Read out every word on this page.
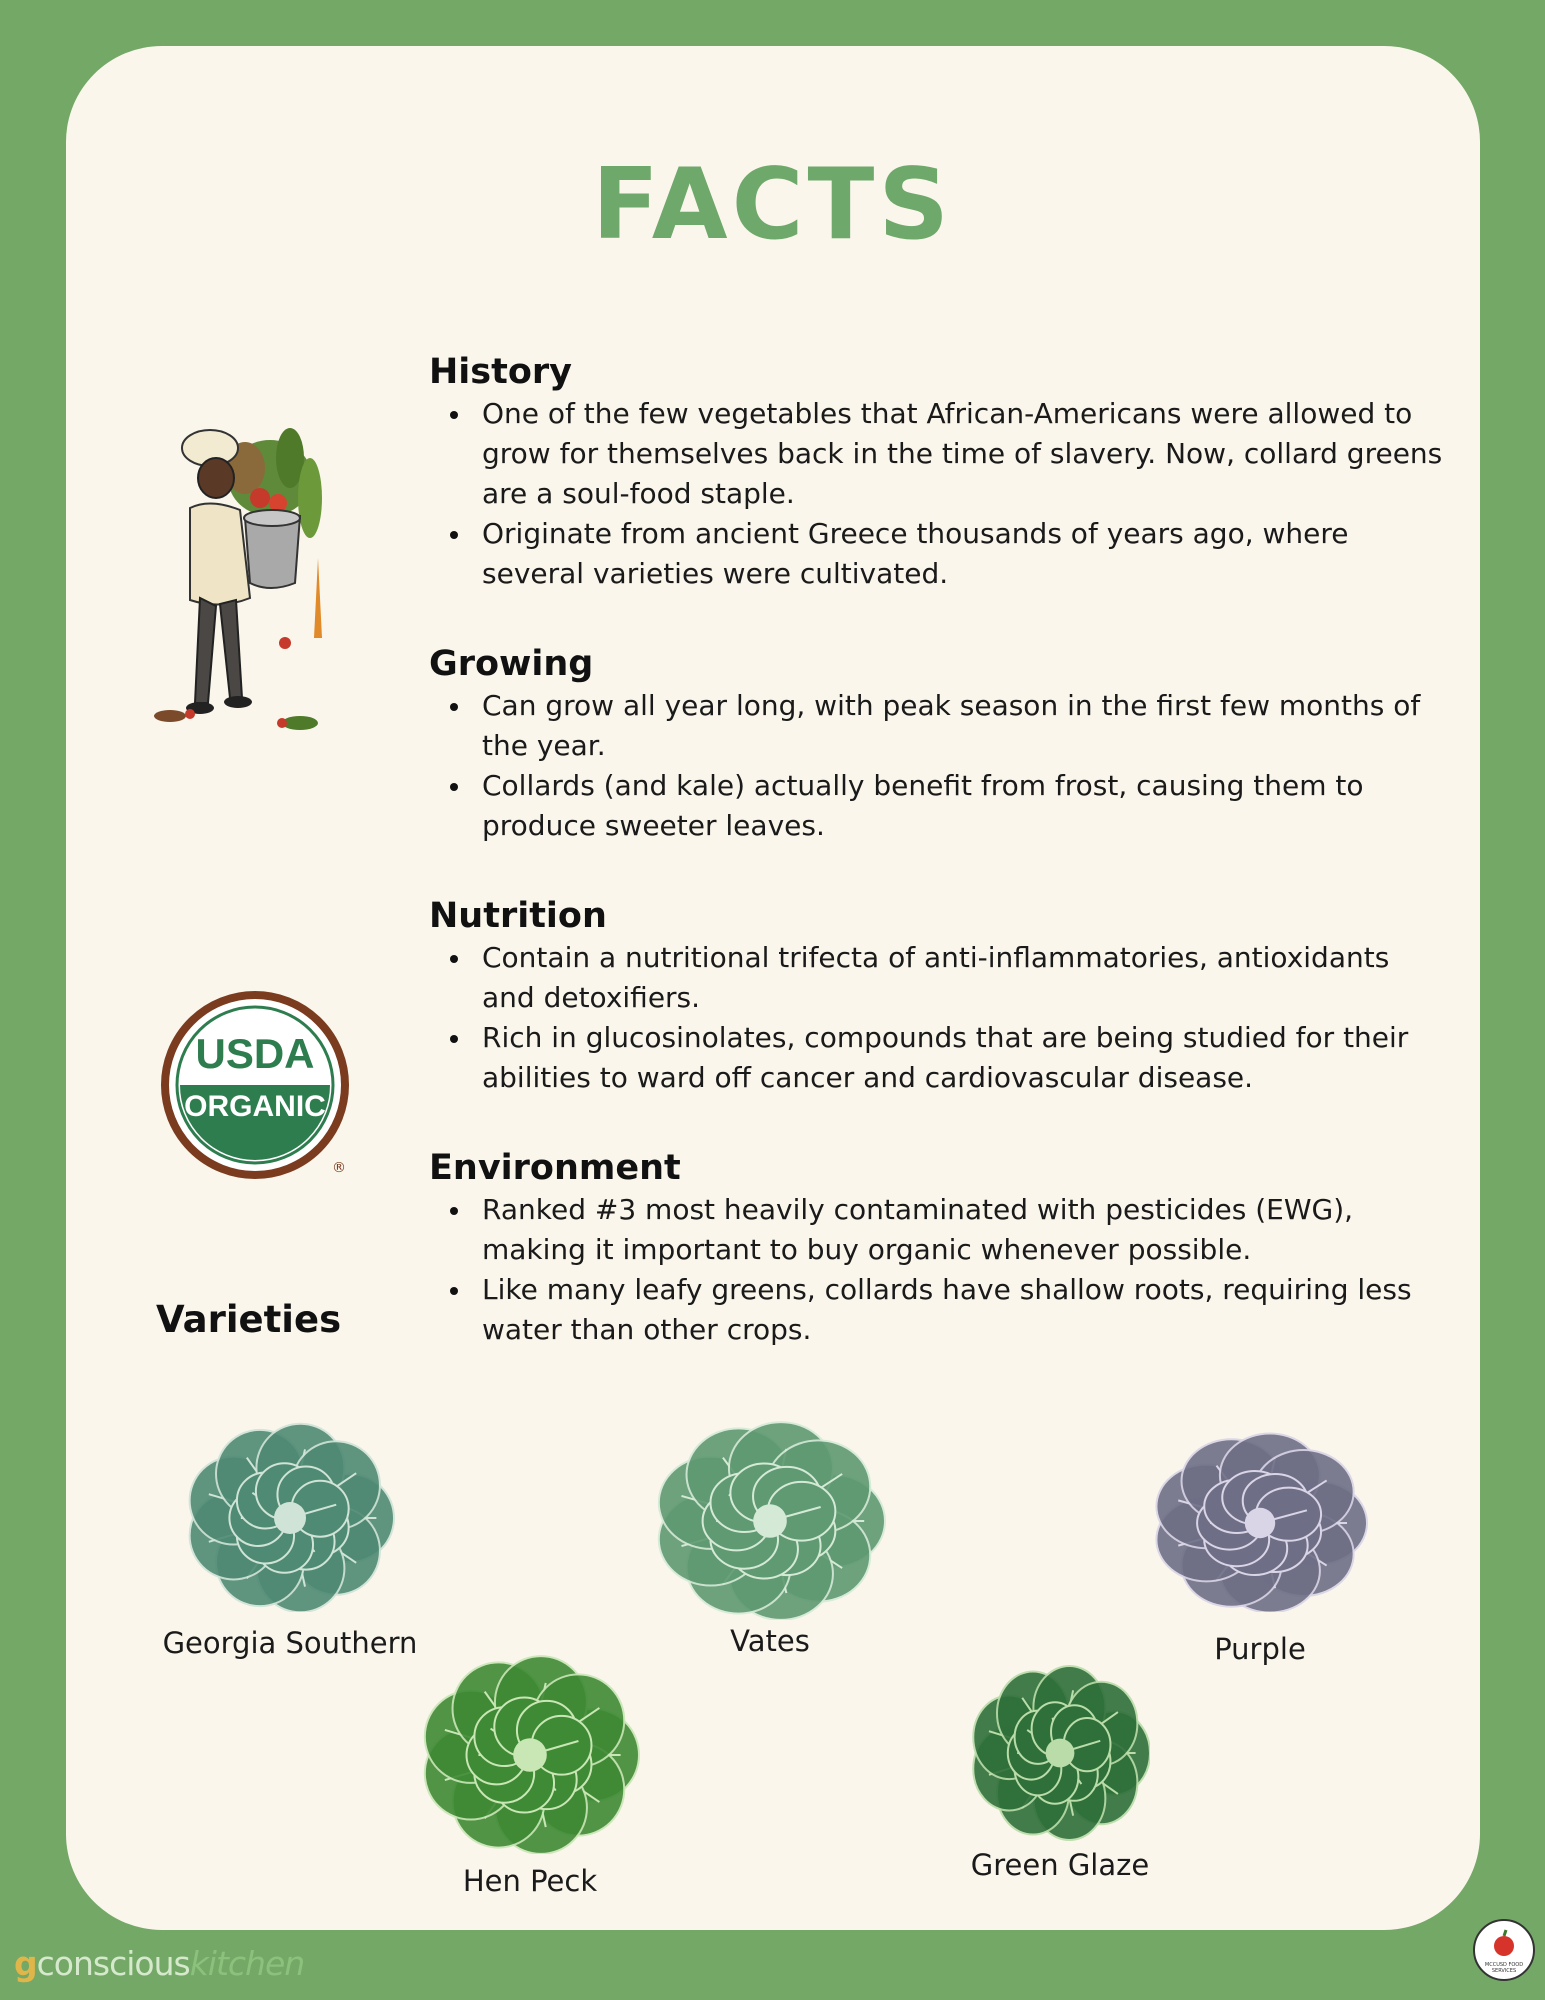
FACTS
USDA
ORGANIC
®
History
One of the few vegetables that African-Americans were allowed to grow for themselves back in the time of slavery. Now, collard greens are a soul-food staple.
Originate from ancient Greece thousands of years ago, where several varieties were cultivated.
Growing
Can grow all year long, with peak season in the first few months of the year.
Collards (and kale) actually benefit from frost, causing them to produce sweeter leaves.
Nutrition
Contain a nutritional trifecta of anti-inflammatories, antioxidants and detoxifiers.
Rich in glucosinolates, compounds that are being studied for their abilities to ward off cancer and cardiovascular disease.
Environment
Ranked #3 most heavily contaminated with pesticides (EWG), making it important to buy organic whenever possible.
Like many leafy greens, collards have shallow roots, requiring less water than other crops.
Varieties
Georgia Southern	Vates	Purple
Hen Peck	Green Glaze
gconsciouskitchen	MCCUSD FOOD SERVICES
